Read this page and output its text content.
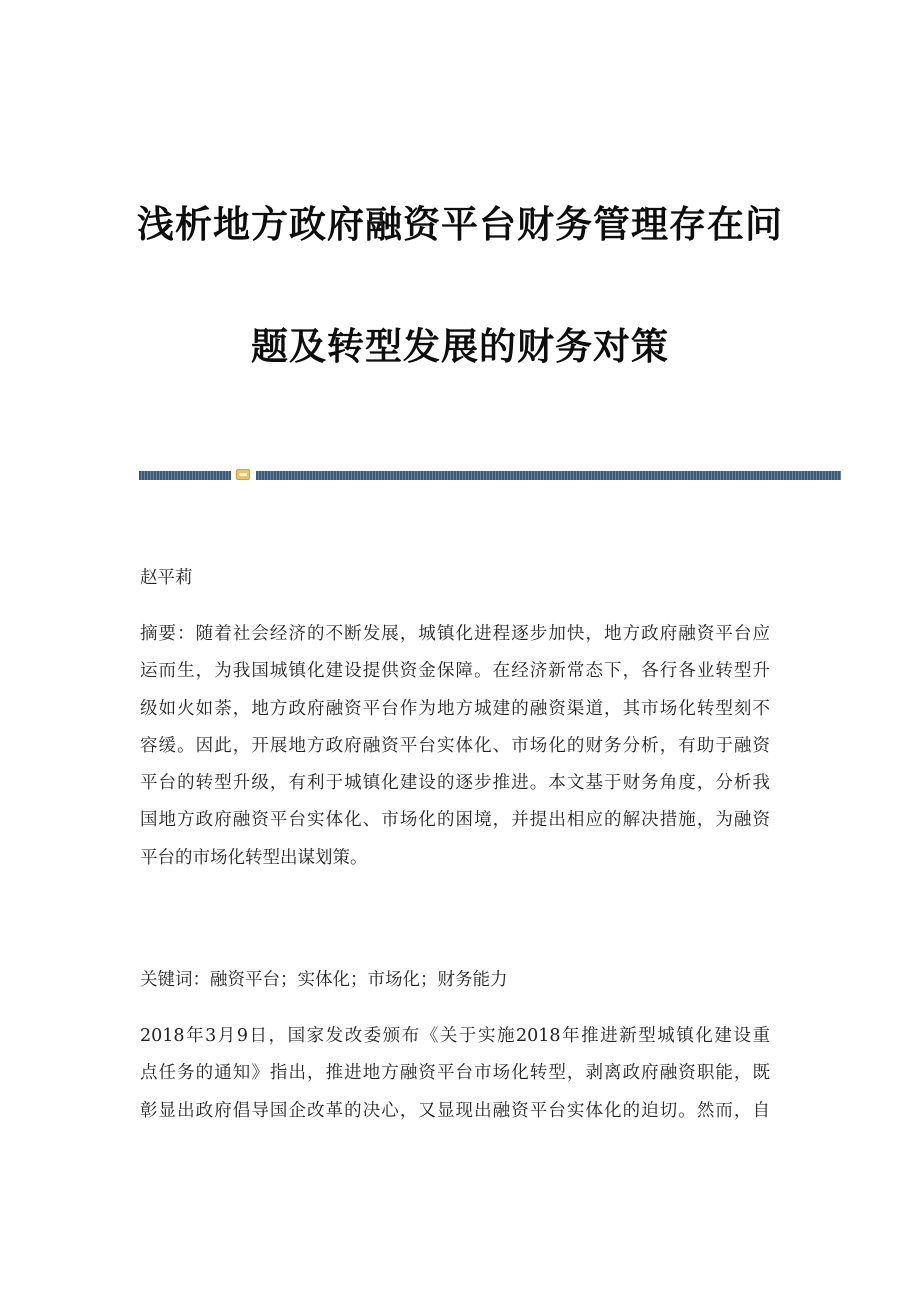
浅析地方政府融资平台财务管理存在问
题及转型发展的财务对策
赵平莉
摘要：随着社会经济的不断发展，城镇化进程逐步加快，地方政府融资平台应
运而生，为我国城镇化建设提供资金保障。在经济新常态下，各行各业转型升
级如火如荼，地方政府融资平台作为地方城建的融资渠道，其市场化转型刻不
容缓。因此，开展地方政府融资平台实体化、市场化的财务分析，有助于融资
平台的转型升级，有利于城镇化建设的逐步推进。本文基于财务角度，分析我
国地方政府融资平台实体化、市场化的困境，并提出相应的解决措施，为融资
平台的市场化转型出谋划策。
关键词：融资平台；实体化；市场化；财务能力
2018年3月9日，国家发改委颁布《关于实施2018年推进新型城镇化建设重
点任务的通知》指出，推进地方融资平台市场化转型，剥离政府融资职能，既
彰显出政府倡导国企改革的决心，又显现出融资平台实体化的迫切。然而，自
